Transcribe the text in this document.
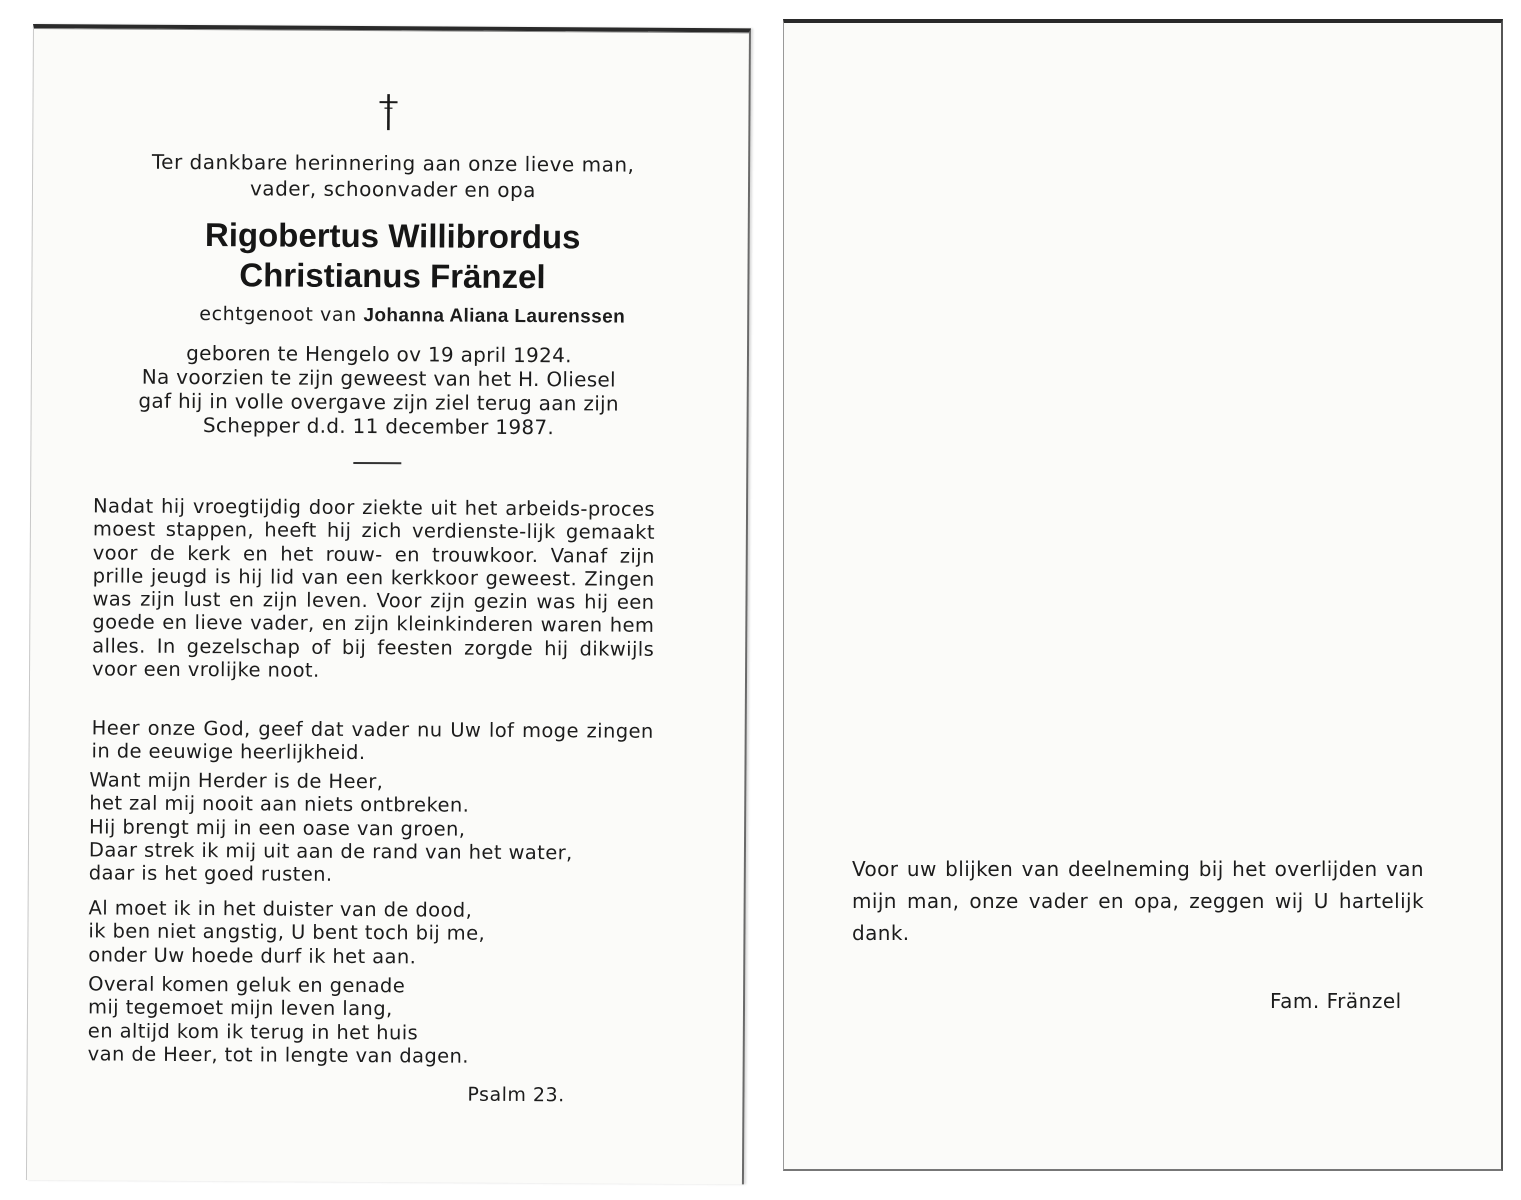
Ter dankbare herinnering aan onze lieve man,
vader, schoonvader en opa
Rigobertus Willibrordus
Christianus Fränzel
echtgenoot van Johanna Aliana Laurenssen
geboren te Hengelo ov 19 april 1924.
Na voorzien te zijn geweest van het H. Oliesel
gaf hij in volle overgave zijn ziel terug aan zijn
Schepper d.d. 11 december 1987.
Nadat hij vroegtijdig door ziekte uit het arbeids-proces moest stappen, heeft hij zich verdienste-lijk gemaakt voor de kerk en het rouw- en trouwkoor. Vanaf zijn prille jeugd is hij lid van een kerkkoor geweest. Zingen was zijn lust en zijn leven. Voor zijn gezin was hij een goede en lieve vader, en zijn kleinkinderen waren hem alles. In gezelschap of bij feesten zorgde hij dikwijls voor een vrolijke noot.
Heer onze God, geef dat vader nu Uw lof moge zingen in de eeuwige heerlijkheid.
Want mijn Herder is de Heer,
het zal mij nooit aan niets ontbreken.
Hij brengt mij in een oase van groen,
Daar strek ik mij uit aan de rand van het water,
daar is het goed rusten.
Al moet ik in het duister van de dood,
ik ben niet angstig, U bent toch bij me,
onder Uw hoede durf ik het aan.
Overal komen geluk en genade
mij tegemoet mijn leven lang,
en altijd kom ik terug in het huis
van de Heer, tot in lengte van dagen.
Psalm 23.
Voor uw blijken van deelneming bij het overlijden van mijn man, onze vader en opa, zeggen wij U hartelijk dank.
Fam. Fränzel
